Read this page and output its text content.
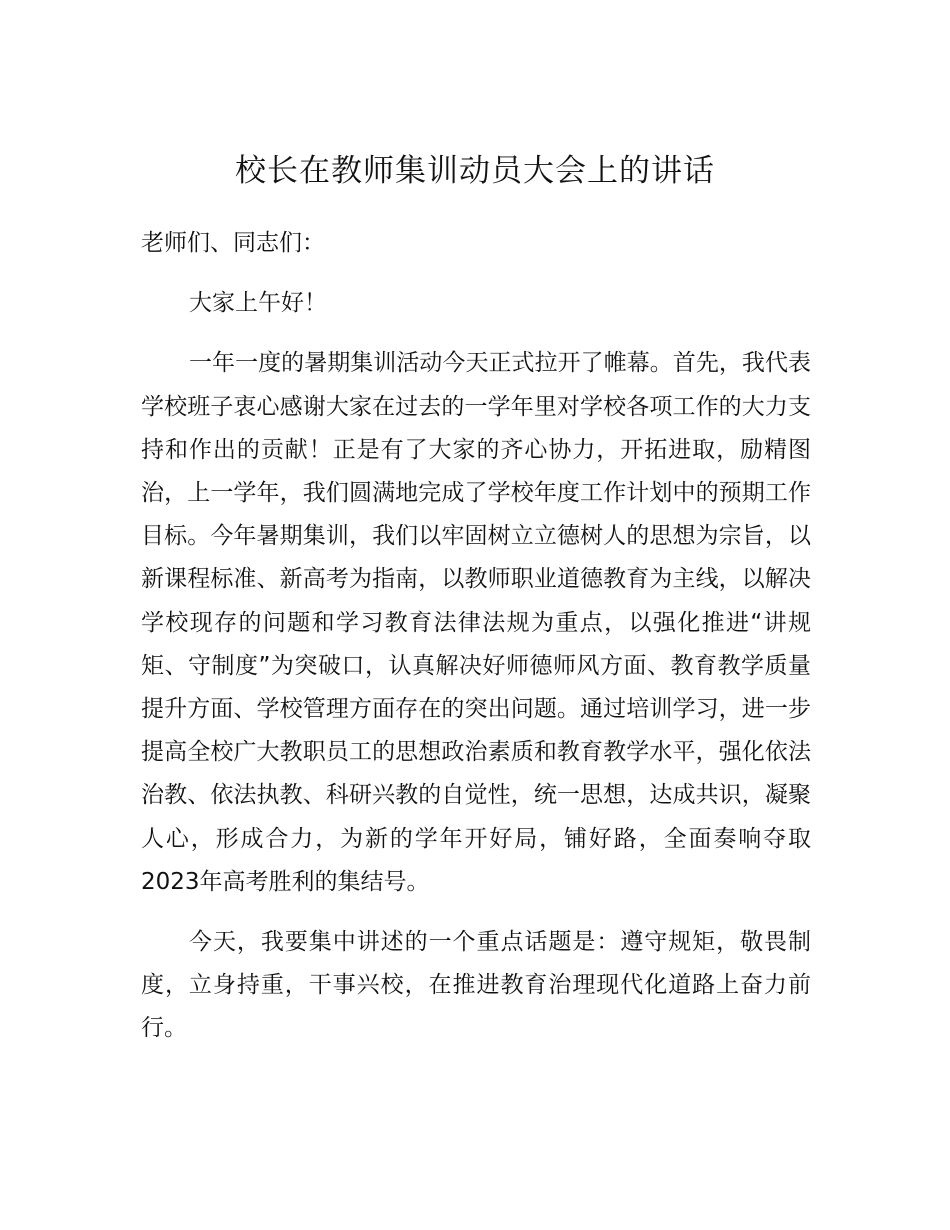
校长在教师集训动员大会上的讲话

老师们、同志们：

大家上午好！

一年一度的暑期集训活动今天正式拉开了帷幕。首先，我代表学校班子衷心感谢大家在过去的一学年里对学校各项工作的大力支持和作出的贡献！正是有了大家的齐心协力，开拓进取，励精图治，上一学年，我们圆满地完成了学校年度工作计划中的预期工作目标。今年暑期集训，我们以牢固树立立德树人的思想为宗旨，以新课程标准、新高考为指南，以教师职业道德教育为主线，以解决学校现存的问题和学习教育法律法规为重点，以强化推进“讲规矩、守制度”为突破口，认真解决好师德师风方面、教育教学质量提升方面、学校管理方面存在的突出问题。通过培训学习，进一步提高全校广大教职员工的思想政治素质和教育教学水平，强化依法治教、依法执教、科研兴教的自觉性，统一思想，达成共识，凝聚人心，形成合力，为新的学年开好局，铺好路，全面奏响夺取2023年高考胜利的集结号。

今天，我要集中讲述的一个重点话题是：遵守规矩，敬畏制度，立身持重，干事兴校，在推进教育治理现代化道路上奋力前行。
